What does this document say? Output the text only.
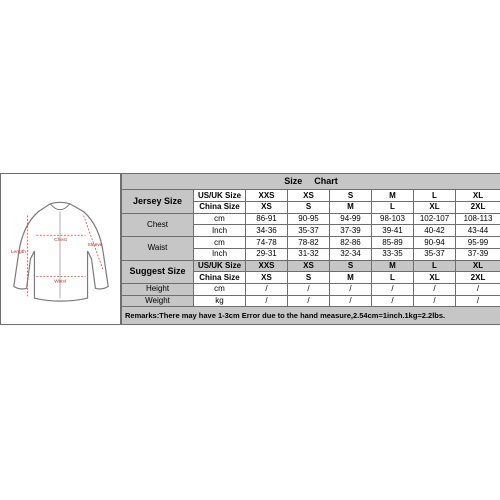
Length
Chest
Sleeve
Waist
Size Chart							
Jersey Size	US/UK Size	XXS	XS	S	M	L	XL
	China Size	XS	S	M	L	XL	2XL
Chest	cm	86-91	90-95	94-99	98-103	102-107	108-113
	Inch	34-36	35-37	37-39	39-41	40-42	43-44
Waist	cm	74-78	78-82	82-86	85-89	90-94	95-99
	Inch	29-31	31-32	32-34	33-35	35-37	37-39
Suggest Size	US/UK Size	XXS	XS	S	M	L	XL
	China Size	XS	S	M	L	XL	2XL
Height	cm	/	/	/	/	/	/
Weight	kg	/	/	/	/	/	/
Remarks:There may have 1-3cm Error due to the hand measure,2.54cm=1inch.1kg=2.2lbs.							
